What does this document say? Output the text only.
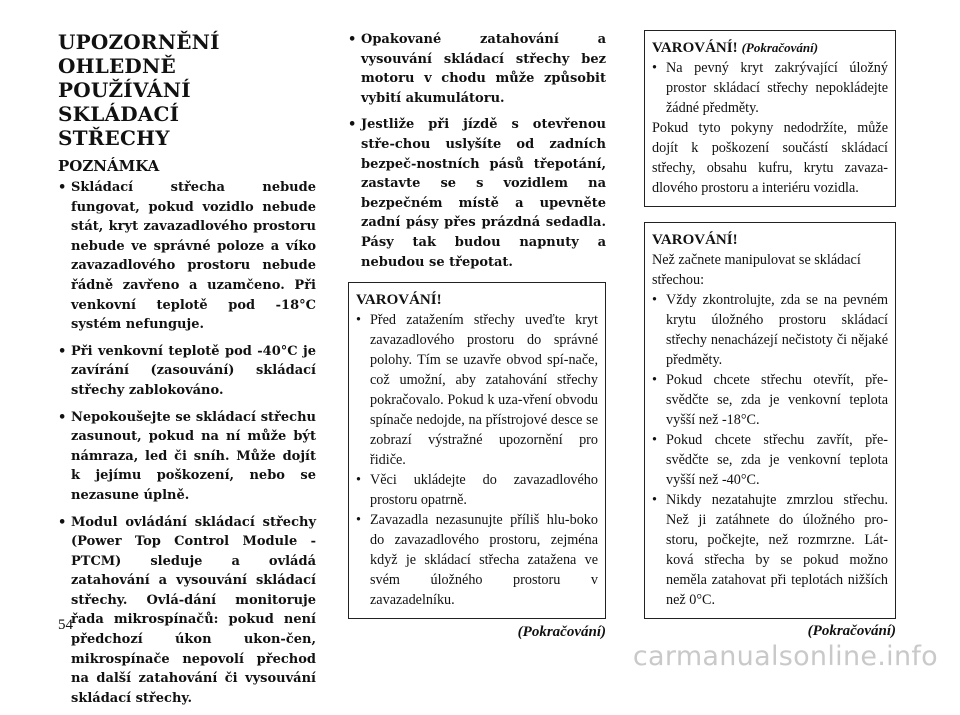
UPOZORNĚNÍ OHLEDNĚ
POUŽÍVÁNÍ SKLÁDACÍ
STŘECHY
POZNÁMKA
• Skládací střecha nebude fungovat, pokud vozidlo nebude stát, kryt zavazadlového prostoru nebude ve správné poloze a víko zavazadlového prostoru nebude řádně zavřeno a uzamčeno. Při venkovní teplotě pod -18°C systém nefunguje.
• Při venkovní teplotě pod -40°C je zavírání (zasouvání) skládací střechy zablokováno.
• Nepokoušejte se skládací střechu zasunout, pokud na ní může být námraza, led či sníh. Může dojít k jejímu poškození, nebo se nezasune úplně.
• Modul ovládání skládací střechy (Power Top Control Module - PTCM) sleduje a ovládá zatahování a vysouvání skládací střechy. Ovlá-dání monitoruje řada mikrospínačů: pokud není předchozí úkon ukon-čen, mikrospínače nepovolí přechod na další zatahování či vysouvání skládací střechy.
• Opakované zatahování a vysouvání skládací střechy bez motoru v chodu může způsobit vybití akumulátoru.
• Jestliže při jízdě s otevřenou stře-chou uslyšíte od zadních bezpeč-nostních pásů třepotání, zastavte se s vozidlem na bezpečném místě a upevněte zadní pásy přes prázdná sedadla. Pásy tak budou napnuty a nebudou se třepotat.
VAROVÁNÍ!
• Před zatažením střechy uveďte kryt zavazadlového prostoru do správné polohy. Tím se uzavře obvod spí-nače, což umožní, aby zatahování střechy pokračovalo. Pokud k uza-vření obvodu spínače nedojde, na přístrojové desce se zobrazí výstražné upozornění pro řidiče.
• Věci ukládejte do zavazadlového prostoru opatrně.
• Zavazadla nezasunujte příliš hlu-boko do zavazadlového prostoru, zejména když je skládací střecha zatažena ve svém úložného prostoru v zavazadelníku.
(Pokračování)
VAROVÁNÍ! (Pokračování)
• Na pevný kryt zakrývající úložný prostor skládací střechy nepokládejte žádné předměty.

Pokud tyto pokyny nedodržíte, může dojít k poškození součástí skládací střechy, obsahu kufru, krytu zavaza-dlového prostoru a interiéru vozidla.

VAROVÁNÍ!

Než začnete manipulovat se skládací střechou:

• Vždy zkontrolujte, zda se na pevném krytu úložného prostoru skládací střechy nenacházejí nečistoty či nějaké předměty.
• Pokud chcete střechu otevřít, pře-svědčte se, zda je venkovní teplota vyšší než -18°C.
• Pokud chcete střechu zavřít, pře-svědčte se, zda je venkovní teplota vyšší než -40°C.
• Nikdy nezatahujte zmrzlou střechu. Než ji zatáhnete do úložného pro-storu, počkejte, než rozmrzne. Lát-ková střecha by se pokud možno neměla zatahovat při teplotách nižších než 0°C.
(Pokračování)
54
carmanualsonline.info
